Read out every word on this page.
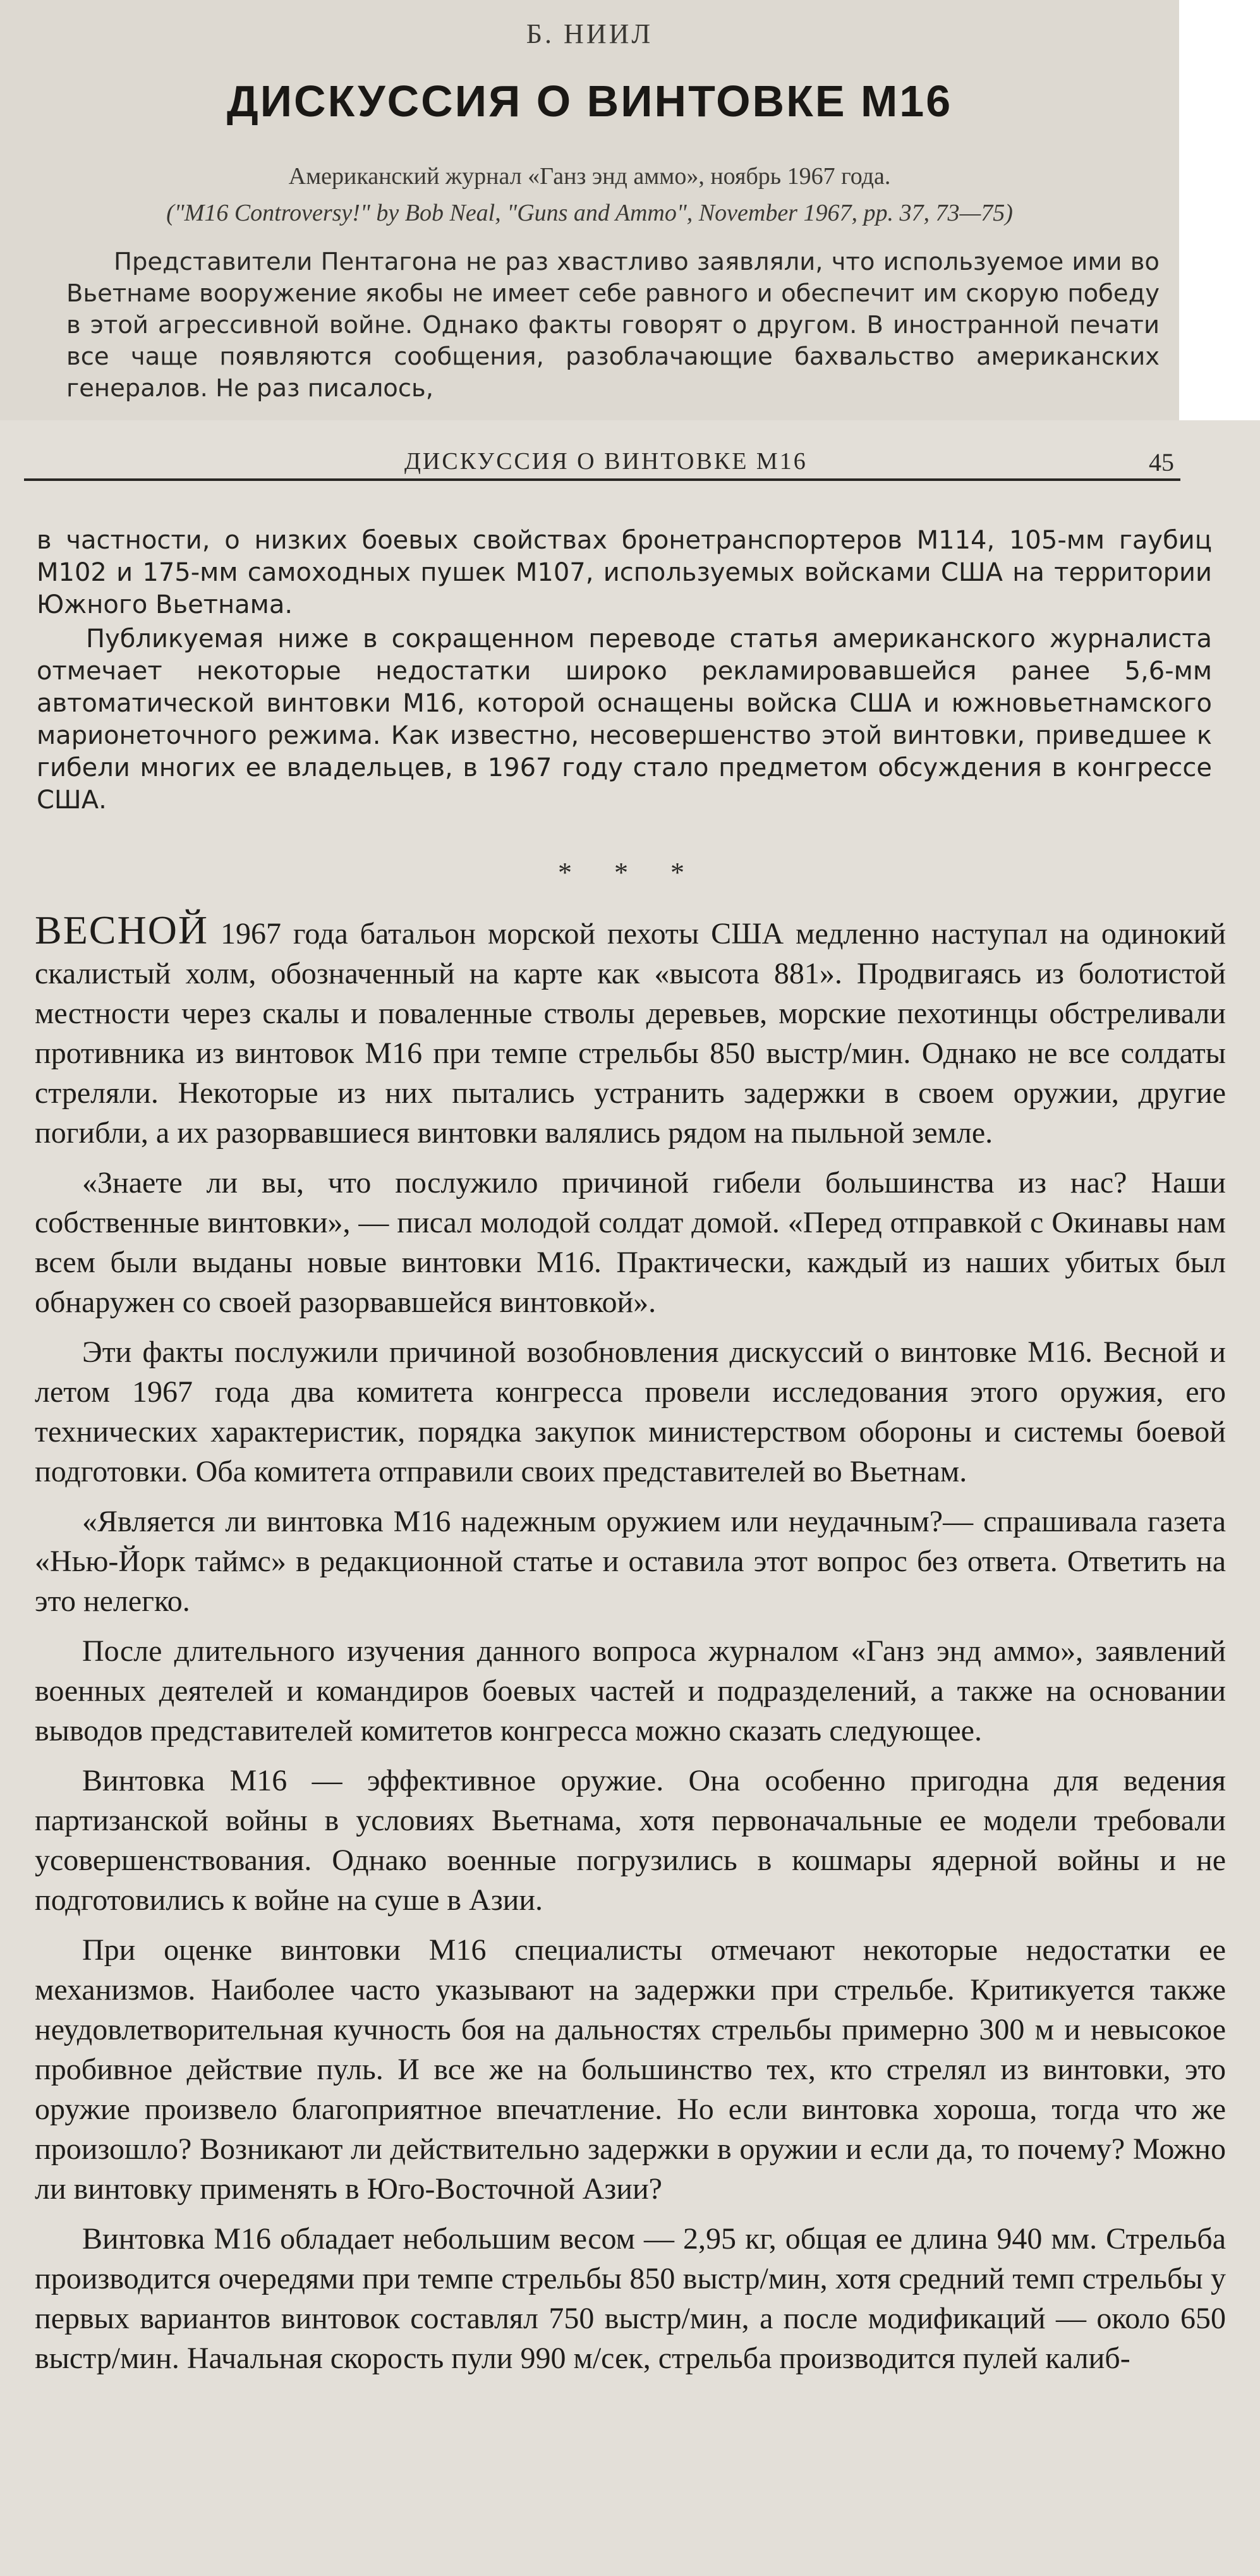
Б. НИИЛ
ДИСКУССИЯ О ВИНТОВКЕ М16
Американский журнал «Ганз энд аммо», ноябрь 1967 года.
("M16 Controversy!" by Bob Neal, "Guns and Ammo", November 1967, pp. 37, 73—75)

Представители Пентагона не раз хвастливо заявляли, что используемое ими во Вьетнаме вооружение якобы не имеет себе равного и обеспечит им скорую победу в этой агрессивной войне. Однако факты говорят о другом. В иностранной печати все чаще появляются сообщения, разоблачающие бахвальство американских генералов. Не раз писалось,

ДИСКУССИЯ О ВИНТОВКЕ М16	45

в частности, о низких боевых свойствах бронетранспортеров М114, 105-мм гаубиц М102 и 175-мм самоходных пушек М107, используемых войсками США на территории Южного Вьетнама.

Публикуемая ниже в сокращенном переводе статья американского журналиста отмечает некоторые недостатки широко рекламировавшейся ранее 5,6-мм автоматической винтовки М16, которой оснащены войска США и южновьетнамского марионеточного режима. Как известно, несовершенство этой винтовки, приведшее к гибели многих ее владельцев, в 1967 году стало предметом обсуждения в конгрессе США.

* * *

ВЕСНОЙ 1967 года батальон морской пехоты США медленно наступал на одинокий скалистый холм, обозначенный на карте как «высота 881». Продвигаясь из болотистой местности через скалы и поваленные стволы деревьев, морские пехотинцы обстреливали противника из винтовок М16 при темпе стрельбы 850 выстр/мин. Однако не все солдаты стреляли. Некоторые из них пытались устранить задержки в своем оружии, другие погибли, а их разорвавшиеся винтовки валялись рядом на пыльной земле.

«Знаете ли вы, что послужило причиной гибели большинства из нас? Наши собственные винтовки», — писал молодой солдат домой. «Перед отправкой с Окинавы нам всем были выданы новые винтовки М16. Практически, каждый из наших убитых был обнаружен со своей разорвавшейся винтовкой».

Эти факты послужили причиной возобновления дискуссий о винтовке М16. Весной и летом 1967 года два комитета конгресса провели исследования этого оружия, его технических характеристик, порядка закупок министерством обороны и системы боевой подготовки. Оба комитета отправили своих представителей во Вьетнам.

«Является ли винтовка М16 надежным оружием или неудачным?— спрашивала газета «Нью-Йорк таймс» в редакционной статье и оставила этот вопрос без ответа. Ответить на это нелегко.

После длительного изучения данного вопроса журналом «Ганз энд аммо», заявлений военных деятелей и командиров боевых частей и подразделений, а также на основании выводов представителей комитетов конгресса можно сказать следующее.

Винтовка М16 — эффективное оружие. Она особенно пригодна для ведения партизанской войны в условиях Вьетнама, хотя первоначальные ее модели требовали усовершенствования. Однако военные погрузились в кошмары ядерной войны и не подготовились к войне на суше в Азии.

При оценке винтовки М16 специалисты отмечают некоторые недостатки ее механизмов. Наиболее часто указывают на задержки при стрельбе. Критикуется также неудовлетворительная кучность боя на дальностях стрельбы примерно 300 м и невысокое пробивное действие пуль. И все же на большинство тех, кто стрелял из винтовки, это оружие произвело благоприятное впечатление. Но если винтовка хороша, тогда что же произошло? Возникают ли действительно задержки в оружии и если да, то почему? Можно ли винтовку применять в Юго-Восточной Азии?

Винтовка М16 обладает небольшим весом — 2,95 кг, общая ее длина 940 мм. Стрельба производится очередями при темпе стрельбы 850 выстр/мин, хотя средний темп стрельбы у первых вариантов винтовок составлял 750 выстр/мин, а после модификаций — около 650 выстр/мин. Начальная скорость пули 990 м/сек, стрельба производится пулей калиб-
